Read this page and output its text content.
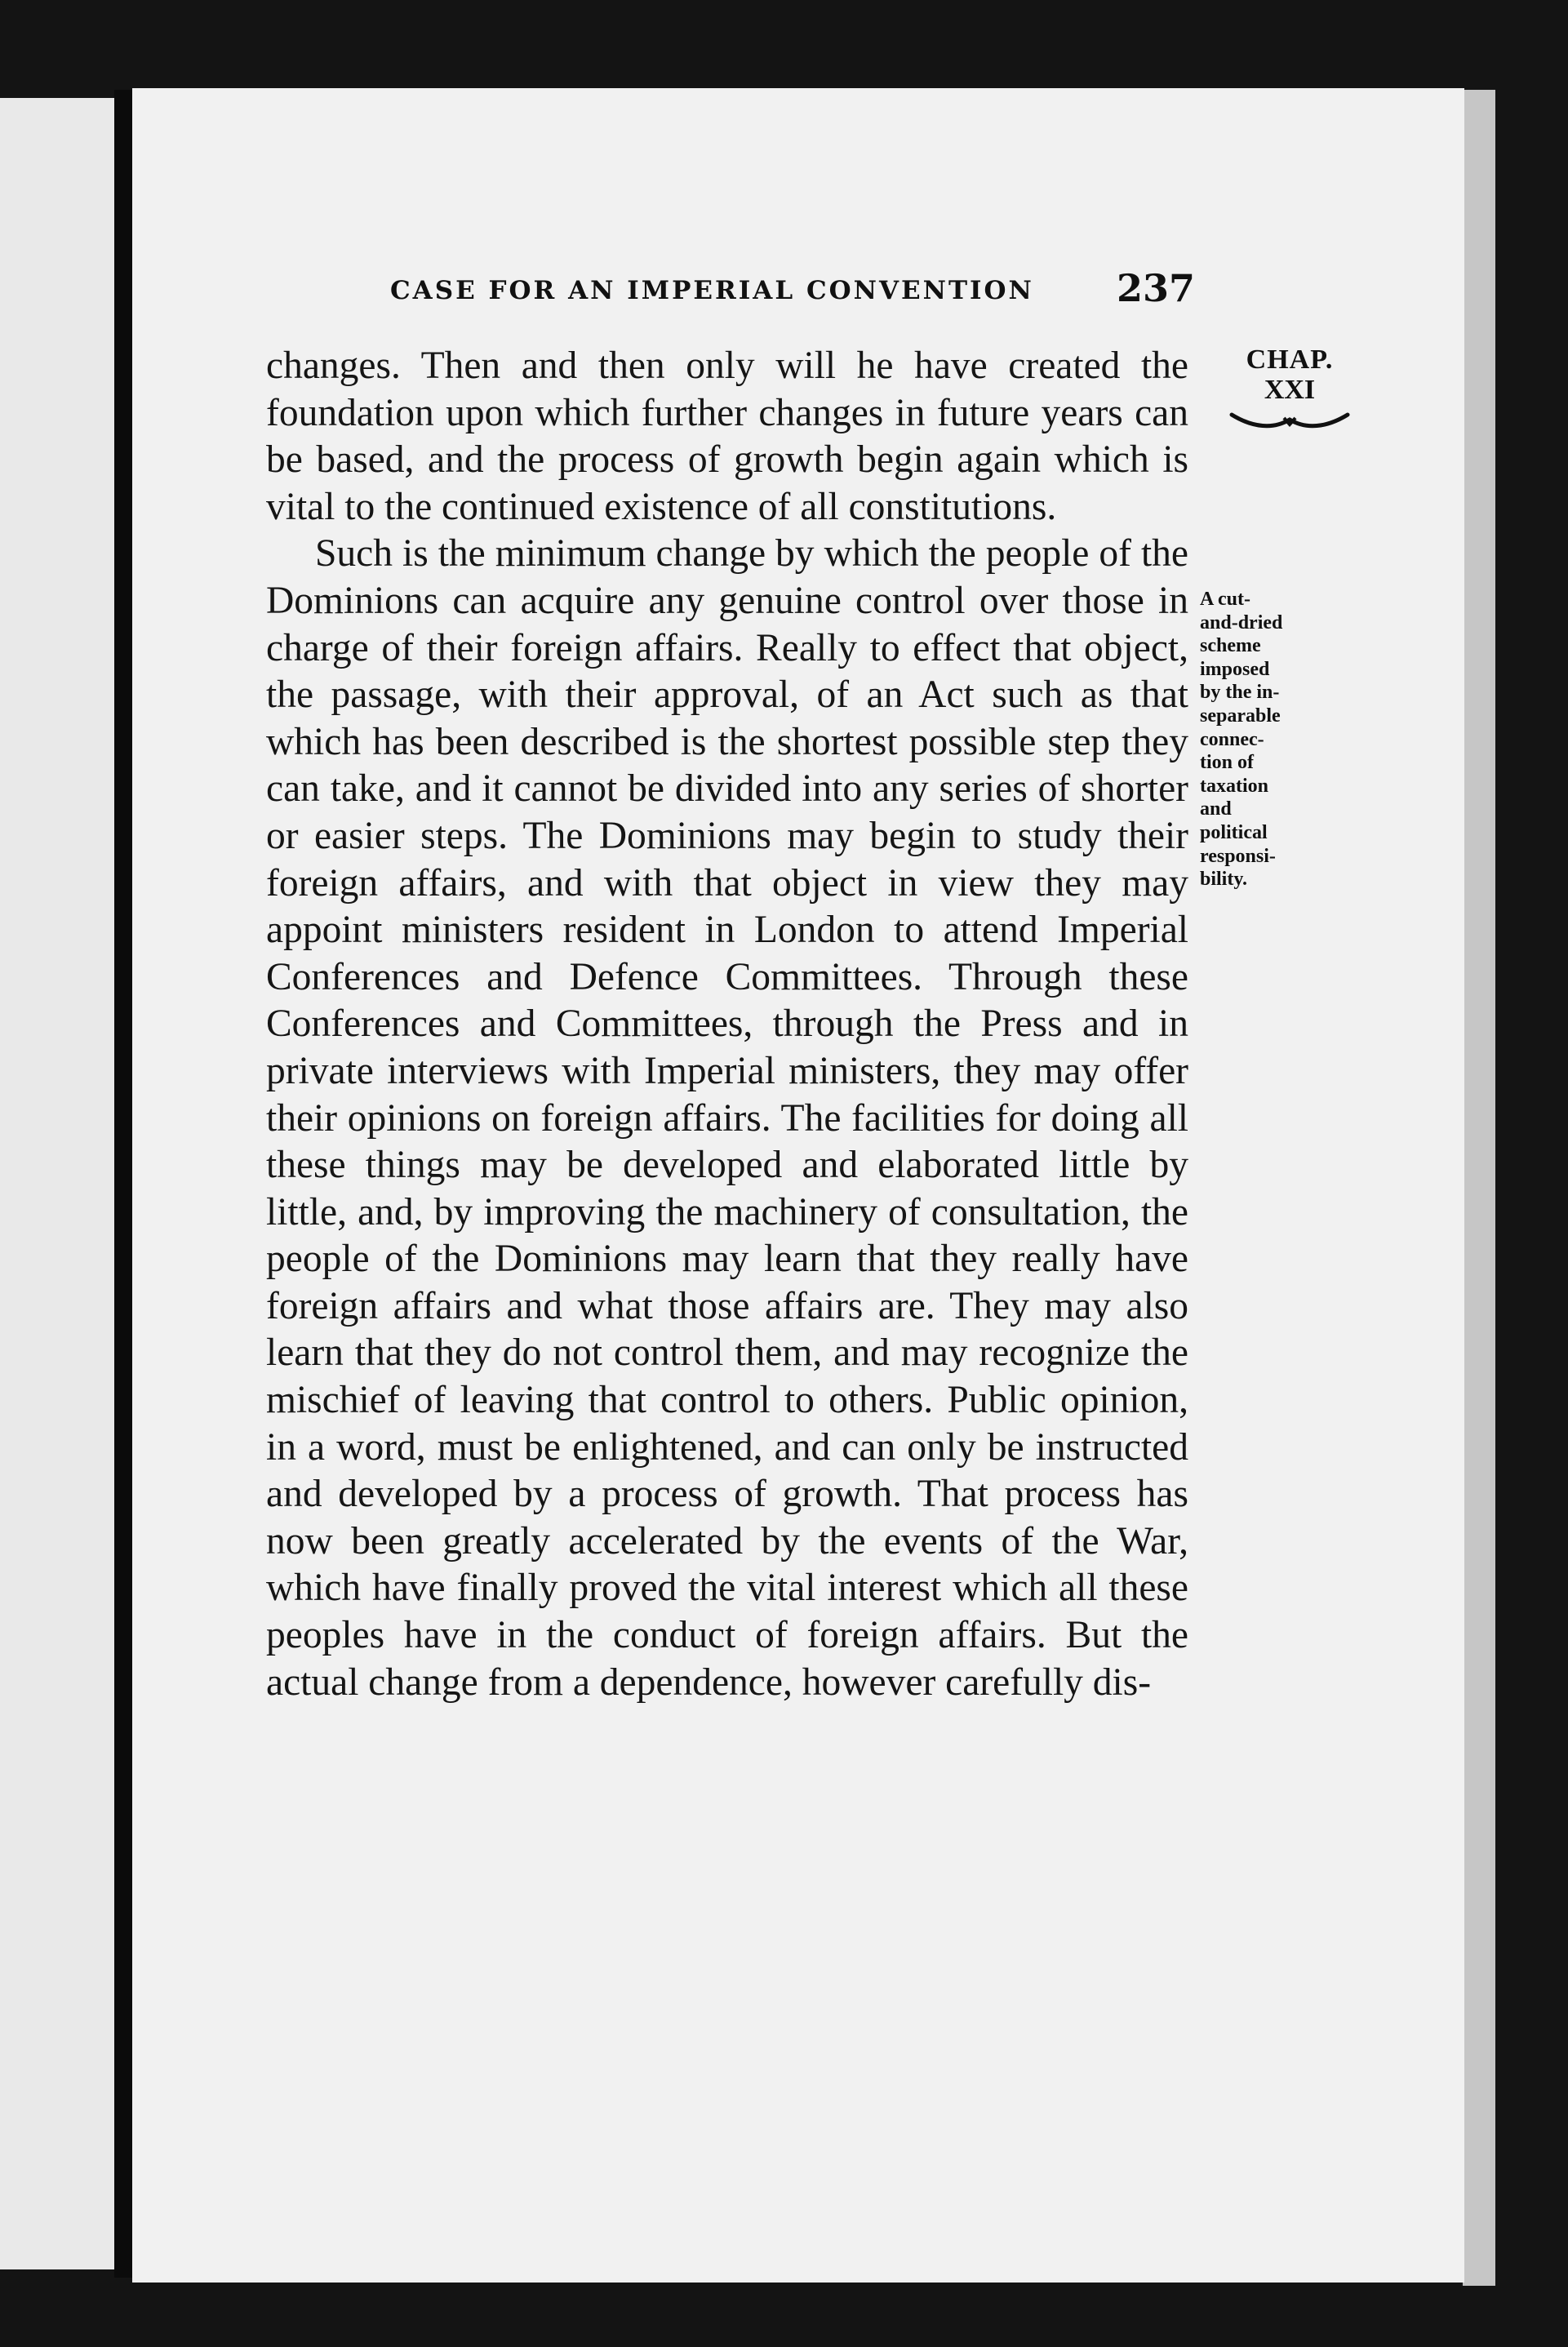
CASE FOR AN IMPERIAL CONVENTION	237
CHAP.
XXI
A cut-
and-dried
scheme
imposed
by the in-
separable
connec-
tion of
taxation
and
political
responsi-
bility.

changes. Then and then only will he have created the foundation upon which further changes in future years can be based, and the process of growth begin again which is vital to the continued existence of all constitutions.

Such is the minimum change by which the people of the Dominions can acquire any genuine control over those in charge of their foreign affairs. Really to effect that object, the passage, with their approval, of an Act such as that which has been described is the shortest possible step they can take, and it cannot be divided into any series of shorter or easier steps. The Dominions may begin to study their foreign affairs, and with that object in view they may appoint ministers resident in London to attend Imperial Conferences and Defence Committees. Through these Conferences and Committees, through the Press and in private interviews with Imperial ministers, they may offer their opinions on foreign affairs. The facilities for doing all these things may be developed and elaborated little by little, and, by improving the machinery of consultation, the people of the Dominions may learn that they really have foreign affairs and what those affairs are. They may also learn that they do not control them, and may recognize the mischief of leaving that control to others. Public opinion, in a word, must be enlightened, and can only be instructed and developed by a process of growth. That process has now been greatly accelerated by the events of the War, which have finally proved the vital interest which all these peoples have in the conduct of foreign affairs. But the actual change from a dependence, however carefully dis-
